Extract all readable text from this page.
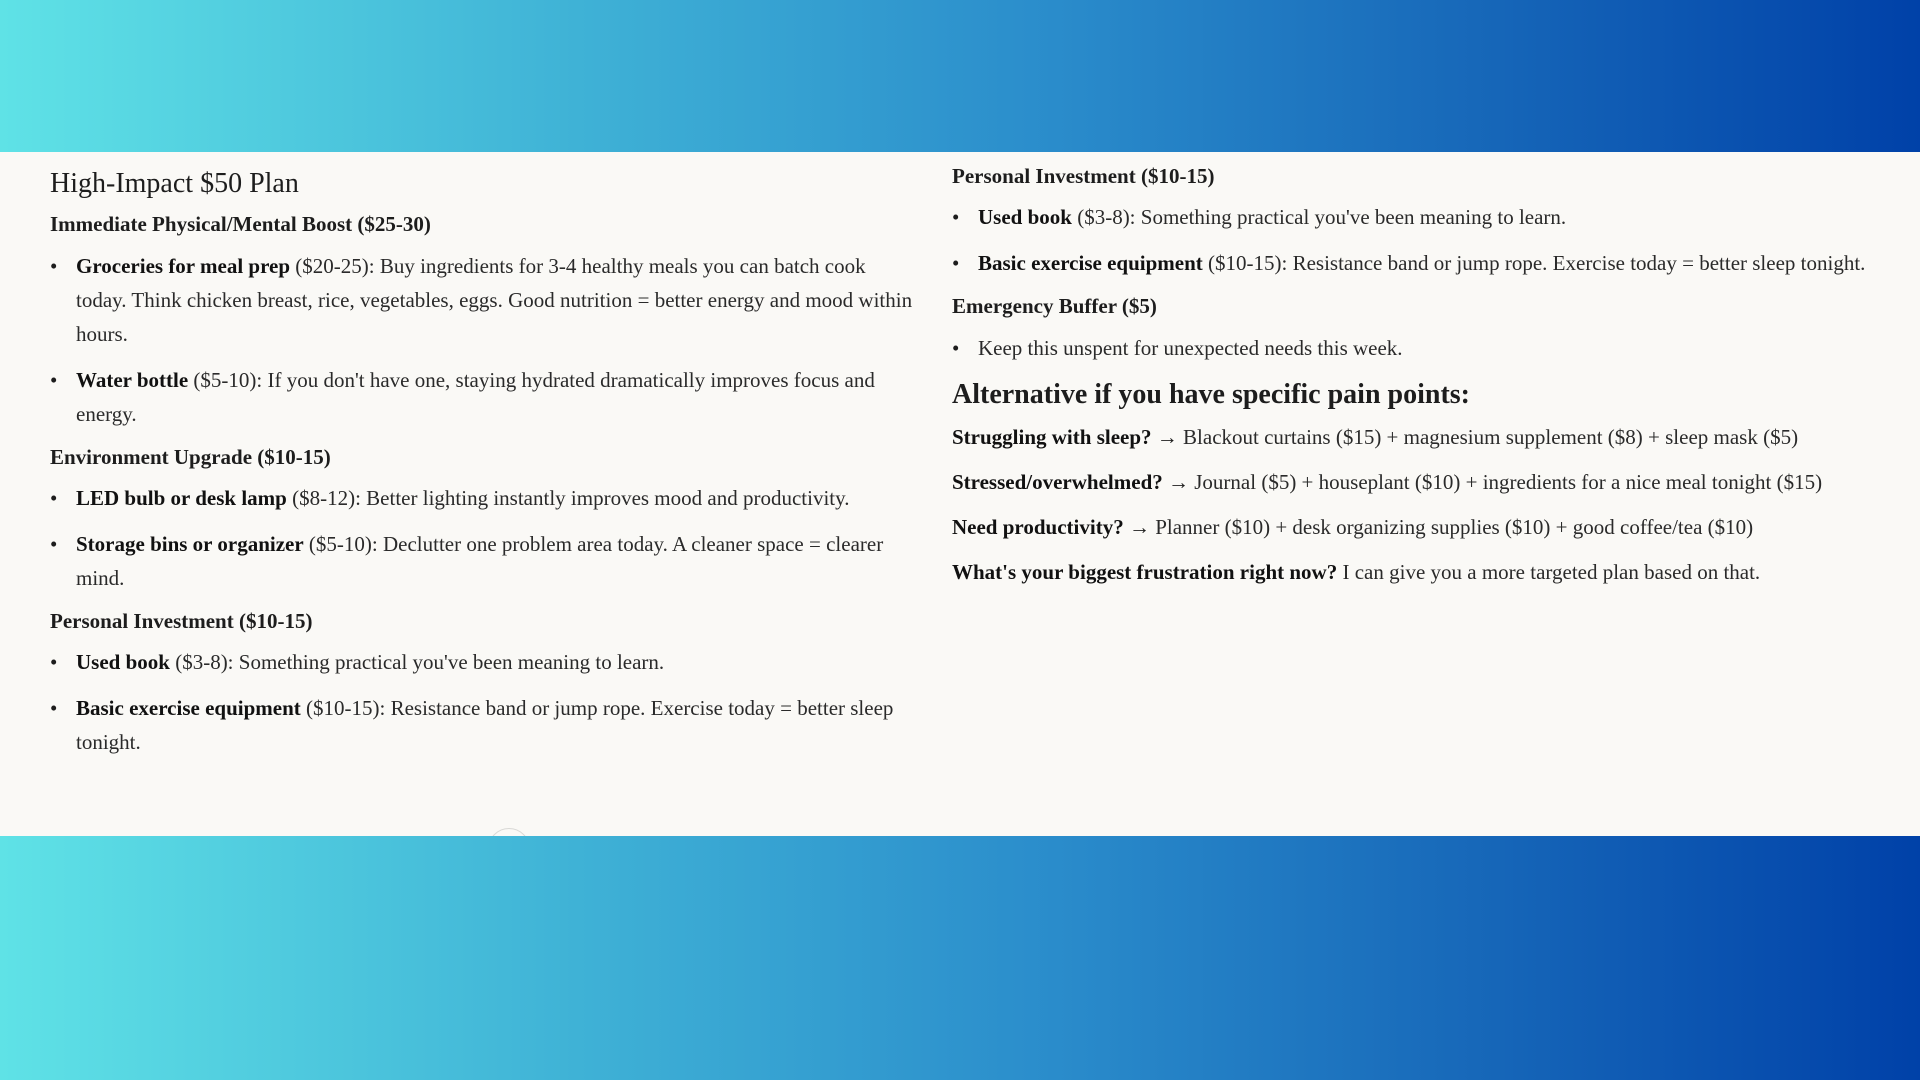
High-Impact $50 Plan
Immediate Physical/Mental Boost ($25-30)
• Groceries for meal prep ($20-25): Buy ingredients for 3-4 healthy meals you can batch cook today. Think chicken breast, rice, vegetables, eggs. Good nutrition = better energy and mood within hours.
• Water bottle ($5-10): If you don't have one, staying hydrated dramatically improves focus and energy.
Environment Upgrade ($10-15)
• LED bulb or desk lamp ($8-12): Better lighting instantly improves mood and productivity.
• Storage bins or organizer ($5-10): Declutter one problem area today. A cleaner space = clearer mind.
Personal Investment ($10-15)
• Used book ($3-8): Something practical you've been meaning to learn.
• Basic exercise equipment ($10-15): Resistance band or jump rope. Exercise today = better sleep tonight.
Personal Investment ($10-15)
• Used book ($3-8): Something practical you've been meaning to learn.
• Basic exercise equipment ($10-15): Resistance band or jump rope. Exercise today = better sleep tonight.
Emergency Buffer ($5)
• Keep this unspent for unexpected needs this week.
Alternative if you have specific pain points:

Struggling with sleep? → Blackout curtains ($15) + magnesium supplement ($8) + sleep mask ($5)

Stressed/overwhelmed? → Journal ($5) + houseplant ($10) + ingredients for a nice meal tonight ($15)

Need productivity? → Planner ($10) + desk organizing supplies ($10) + good coffee/tea ($10)

What's your biggest frustration right now? I can give you a more targeted plan based on that.
